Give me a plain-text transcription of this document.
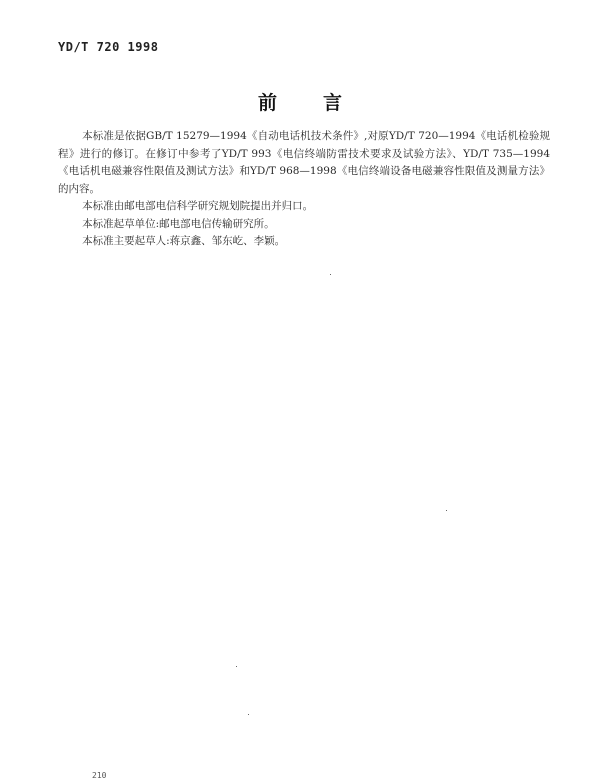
YD/T 720 1998
前言

本标准是依据GB/T 15279—1994《自动电话机技术条件》,对原YD/T 720—1994《电话机检验规程》进行的修订。在修订中参考了YD/T 993《电信终端防雷技术要求及试验方法》、YD/T 735—1994《电话机电磁兼容性限值及测试方法》和YD/T 968—1998《电信终端设备电磁兼容性限值及测量方法》的内容。

本标准由邮电部电信科学研究规划院提出并归口。

本标准起草单位:邮电部电信传输研究所。

本标准主要起草人:蒋京鑫、邹东屹、李颖。

210
